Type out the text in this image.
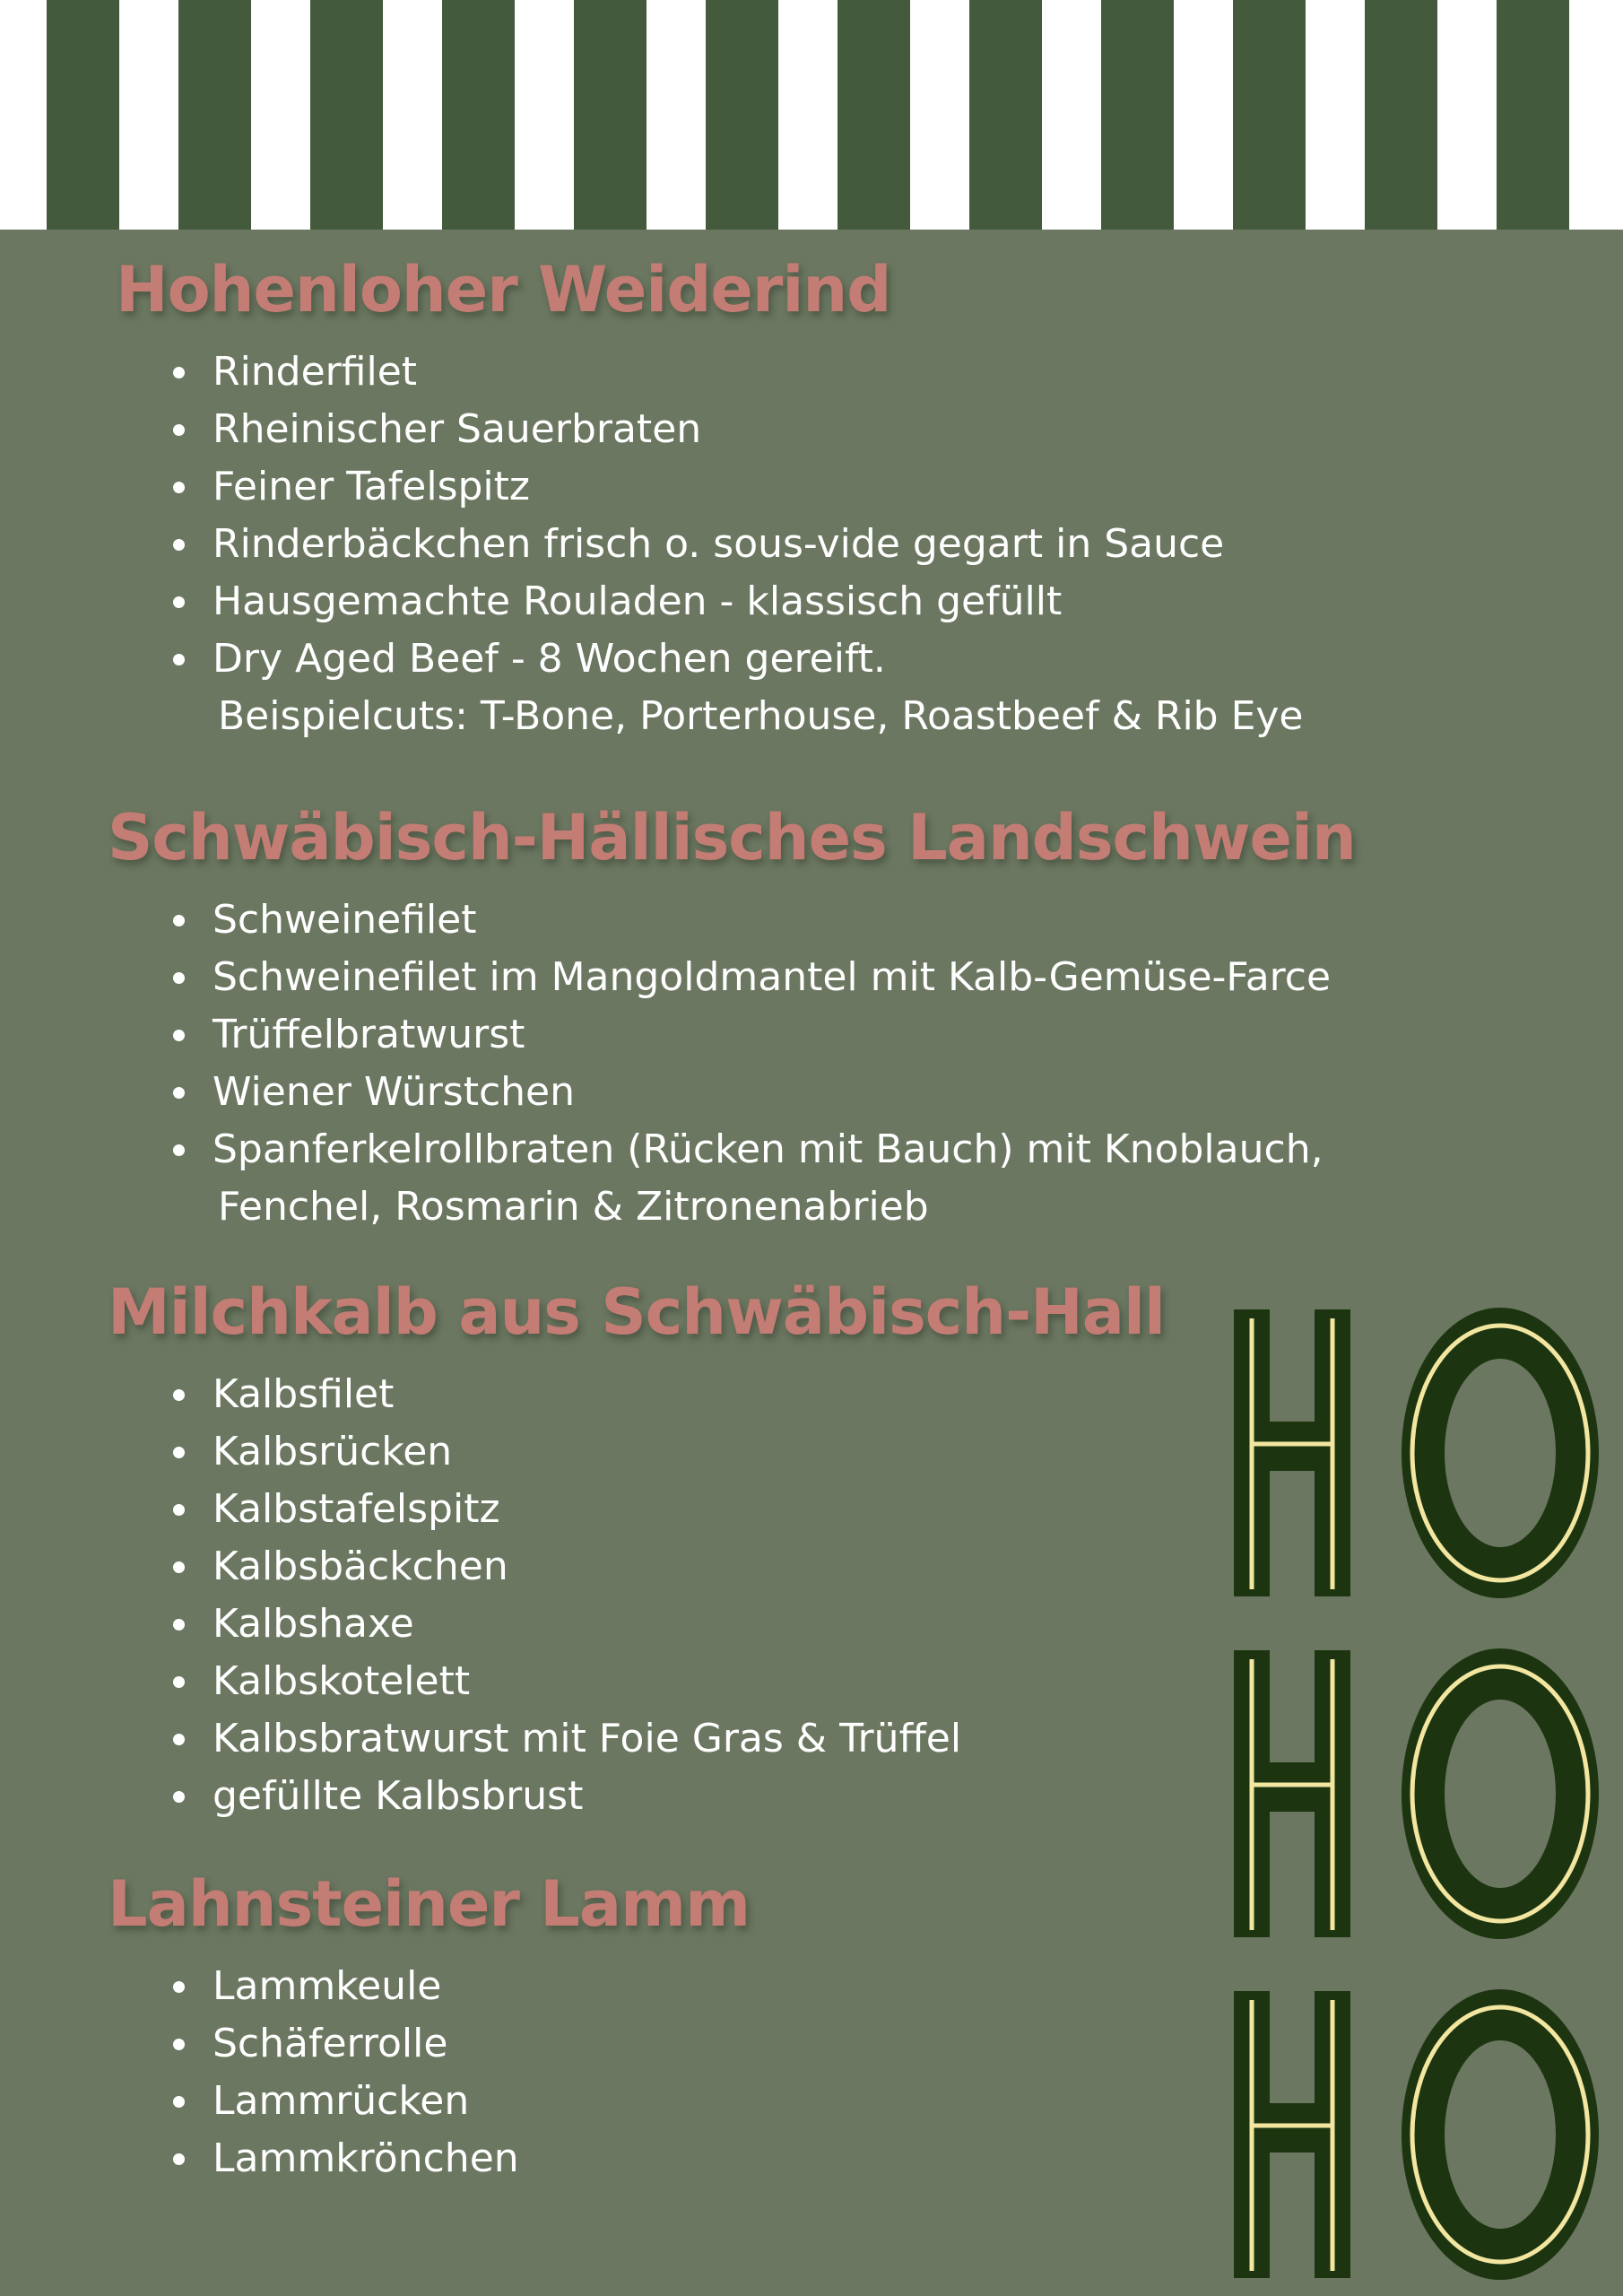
Hohenloher Weiderind
Rinderfilet
Rheinischer Sauerbraten
Feiner Tafelspitz
Rinderbäckchen frisch o. sous-vide gegart in Sauce
Hausgemachte Rouladen - klassisch gefüllt
Dry Aged Beef - 8 Wochen gereift.
Beispielcuts: T-Bone, Porterhouse, Roastbeef & Rib Eye
Schwäbisch-Hällisches Landschwein
Schweinefilet
Schweinefilet im Mangoldmantel mit Kalb-Gemüse-Farce
Trüffelbratwurst
Wiener Würstchen
Spanferkelrollbraten (Rücken mit Bauch) mit Knoblauch,
Fenchel, Rosmarin & Zitronenabrieb
Milchkalb aus Schwäbisch-Hall
Kalbsfilet
Kalbsrücken
Kalbstafelspitz
Kalbsbäckchen
Kalbshaxe
Kalbskotelett
Kalbsbratwurst mit Foie Gras & Trüffel
gefüllte Kalbsbrust
Lahnsteiner Lamm
Lammkeule
Schäferrolle
Lammrücken
Lammkrönchen
